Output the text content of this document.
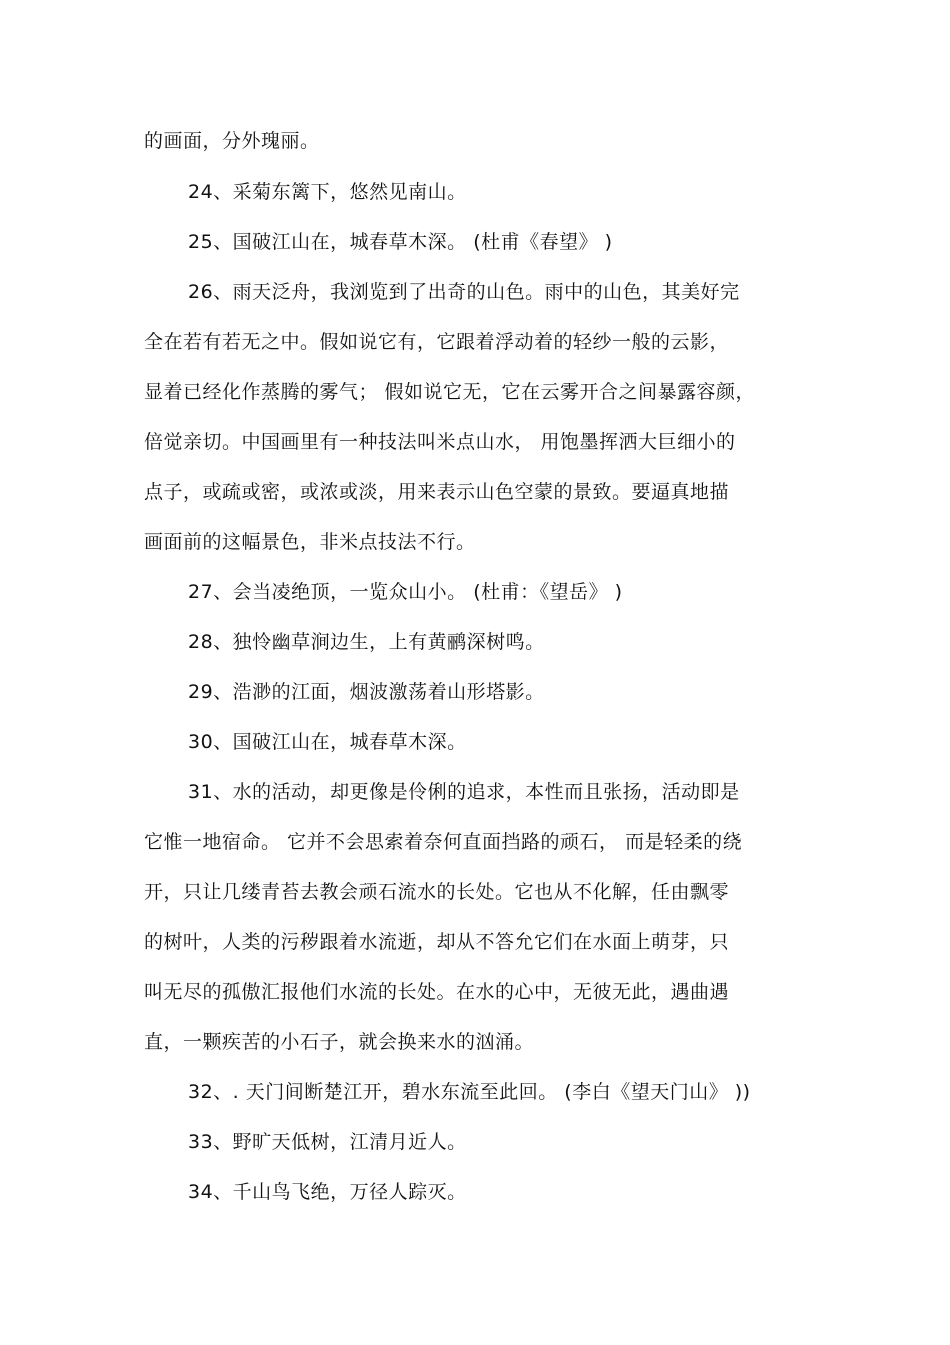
的画面，分外瑰丽。
24、采菊东篱下，悠然见南山。
25、国破江山在，城春草木深。 (杜甫《春望》 )
26、雨天泛舟，我浏览到了出奇的山色。雨中的山色，其美好完
全在若有若无之中。假如说它有，它跟着浮动着的轻纱一般的云影，
显着已经化作蒸腾的雾气； 假如说它无，它在云雾开合之间暴露容颜，
倍觉亲切。中国画里有一种技法叫米点山水， 用饱墨挥洒大巨细小的
点子，或疏或密，或浓或淡，用来表示山色空蒙的景致。要逼真地描
画面前的这幅景色，非米点技法不行。
27、会当凌绝顶，一览众山小。 (杜甫：《望岳》 )
28、独怜幽草涧边生，上有黄鹂深树鸣。
29、浩渺的江面，烟波激荡着山形塔影。
30、国破江山在，城春草木深。
31、水的活动，却更像是伶俐的追求，本性而且张扬，活动即是
它惟一地宿命。 它并不会思索着奈何直面挡路的顽石， 而是轻柔的绕
开，只让几缕青苔去教会顽石流水的长处。它也从不化解，任由飘零
的树叶，人类的污秽跟着水流逝，却从不答允它们在水面上萌芽，只
叫无尽的孤傲汇报他们水流的长处。在水的心中，无彼无此，遇曲遇
直，一颗疾苦的小石子，就会换来水的汹涌。
32、. 天门间断楚江开，碧水东流至此回。 (李白《望天门山》 ))
33、野旷天低树，江清月近人。
34、千山鸟飞绝，万径人踪灭。
